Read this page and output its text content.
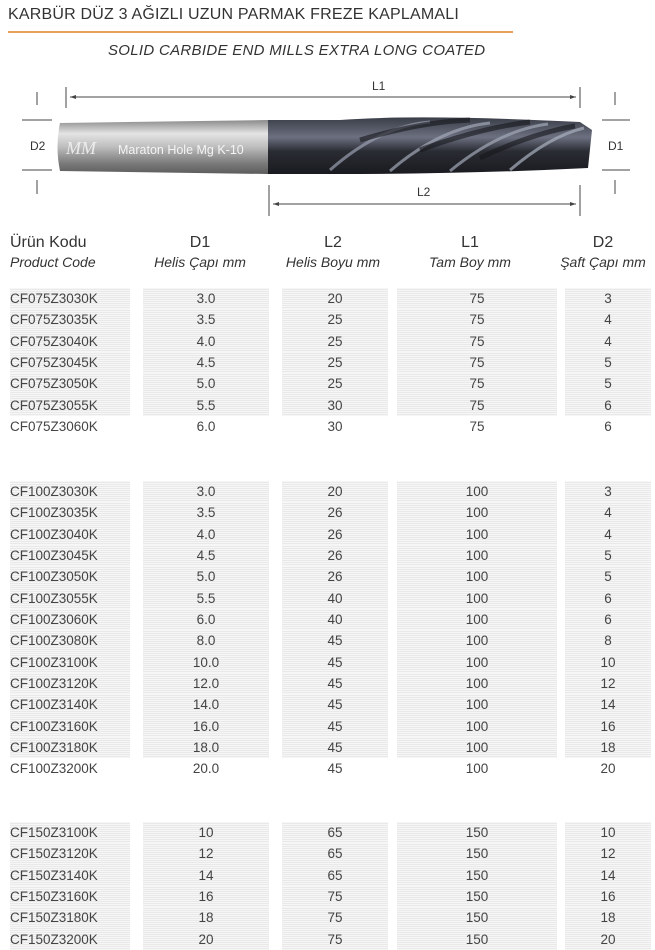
KARBÜR DÜZ 3 AĞIZLI UZUN PARMAK FREZE KAPLAMALI
SOLID CARBIDE END MILLS EXTRA LONG COATED
L1
D2	D1
MM Maraton Hole Mg K-10
L2
Ürün Kodu
Product Code
D1
Helis Çapı mm
L2
Helis Boyu mm
L1
Tam Boy mm
D2
Şaft Çapı mm
CF075Z3030K	3.0	20	75	3
CF075Z3035K	3.5	25	75	4
CF075Z3040K	4.0	25	75	4
CF075Z3045K	4.5	25	75	5
CF075Z3050K	5.0	25	75	5
CF075Z3055K	5.5	30	75	6
CF075Z3060K	6.0	30	75	6
CF100Z3030K	3.0	20	100	3
CF100Z3035K	3.5	26	100	4
CF100Z3040K	4.0	26	100	4
CF100Z3045K	4.5	26	100	5
CF100Z3050K	5.0	26	100	5
CF100Z3055K	5.5	40	100	6
CF100Z3060K	6.0	40	100	6
CF100Z3080K	8.0	45	100	8
CF100Z3100K	10.0	45	100	10
CF100Z3120K	12.0	45	100	12
CF100Z3140K	14.0	45	100	14
CF100Z3160K	16.0	45	100	16
CF100Z3180K	18.0	45	100	18
CF100Z3200K	20.0	45	100	20
CF150Z3100K	10	65	150	10
CF150Z3120K	12	65	150	12
CF150Z3140K	14	65	150	14
CF150Z3160K	16	75	150	16
CF150Z3180K	18	75	150	18
CF150Z3200K	20	75	150	20
